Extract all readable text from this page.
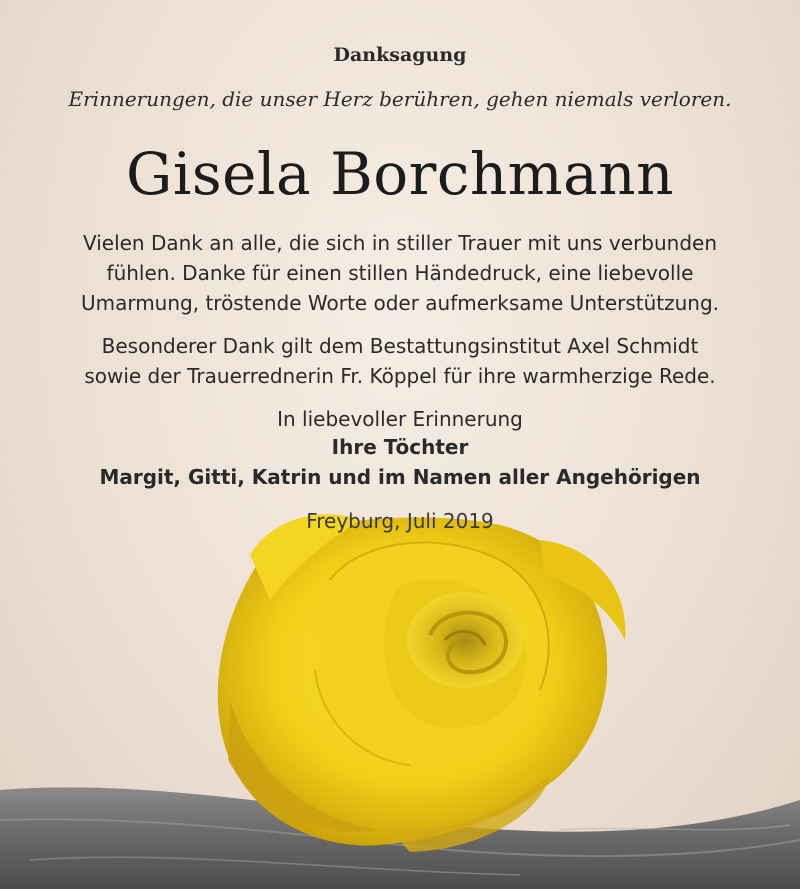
Danksagung
Erinnerungen, die unser Herz berühren, gehen niemals verloren.
Gisela Borchmann
Vielen Dank an alle, die sich in stiller Trauer mit uns verbunden
fühlen. Danke für einen stillen Händedruck, eine liebevolle
Umarmung, tröstende Worte oder aufmerksame Unterstützung.
Besonderer Dank gilt dem Bestattungsinstitut Axel Schmidt
sowie der Trauerrednerin Fr. Köppel für ihre warmherzige Rede.
In liebevoller Erinnerung
Ihre Töchter
Margit, Gitti, Katrin und im Namen aller Angehörigen
Freyburg, Juli 2019
